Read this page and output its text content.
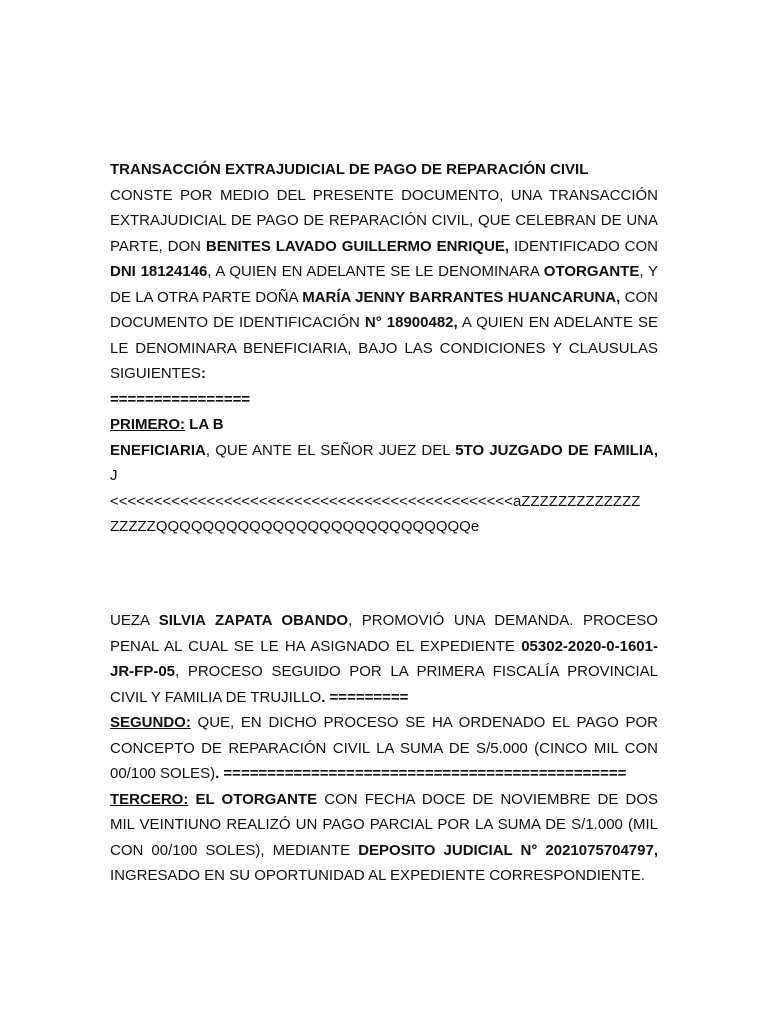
TRANSACCIÓN EXTRAJUDICIAL DE PAGO DE REPARACIÓN CIVIL

CONSTE POR MEDIO DEL PRESENTE DOCUMENTO, UNA TRANSACCIÓN EXTRAJUDICIAL DE PAGO DE REPARACIÓN CIVIL, QUE CELEBRAN DE UNA PARTE, DON BENITES LAVADO GUILLERMO ENRIQUE, IDENTIFICADO CON DNI 18124146, A QUIEN EN ADELANTE SE LE DENOMINARA OTORGANTE, Y DE LA OTRA PARTE DOÑA MARÍA JENNY BARRANTES HUANCARUNA, CON DOCUMENTO DE IDENTIFICACIÓN N° 18900482, A QUIEN EN ADELANTE SE LE DENOMINARA BENEFICIARIA, BAJO LAS CONDICIONES Y CLAUSULAS SIGUIENTES:

================

PRIMERO: LA B

ENEFICIARIA, QUE ANTE EL SEÑOR JUEZ DEL 5TO JUZGADO DE FAMILIA, J

<<<<<<<<<<<<<<<<<<<<<<<<<<<<<<<<<<<<<<<<<<<<<<aZZZZZZZZZZZZZ

ZZZZZQQQQQQQQQQQQQQQQQQQQQQQQQQQe

UEZA SILVIA ZAPATA OBANDO, PROMOVIÓ UNA DEMANDA. PROCESO PENAL AL CUAL SE LE HA ASIGNADO EL EXPEDIENTE 05302-2020-0-1601-JR-FP-05, PROCESO SEGUIDO POR LA PRIMERA FISCALÍA PROVINCIAL CIVIL Y FAMILIA DE TRUJILLO. =========

SEGUNDO: QUE, EN DICHO PROCESO SE HA ORDENADO EL PAGO POR CONCEPTO DE REPARACIÓN CIVIL LA SUMA DE S/5.000 (CINCO MIL CON 00/100 SOLES). ==============================================

TERCERO: EL OTORGANTE CON FECHA DOCE DE NOVIEMBRE DE DOS MIL VEINTIUNO REALIZÓ UN PAGO PARCIAL POR LA SUMA DE S/1.000 (MIL CON 00/100 SOLES), MEDIANTE DEPOSITO JUDICIAL N° 2021075704797, INGRESADO EN SU OPORTUNIDAD AL EXPEDIENTE CORRESPONDIENTE.
